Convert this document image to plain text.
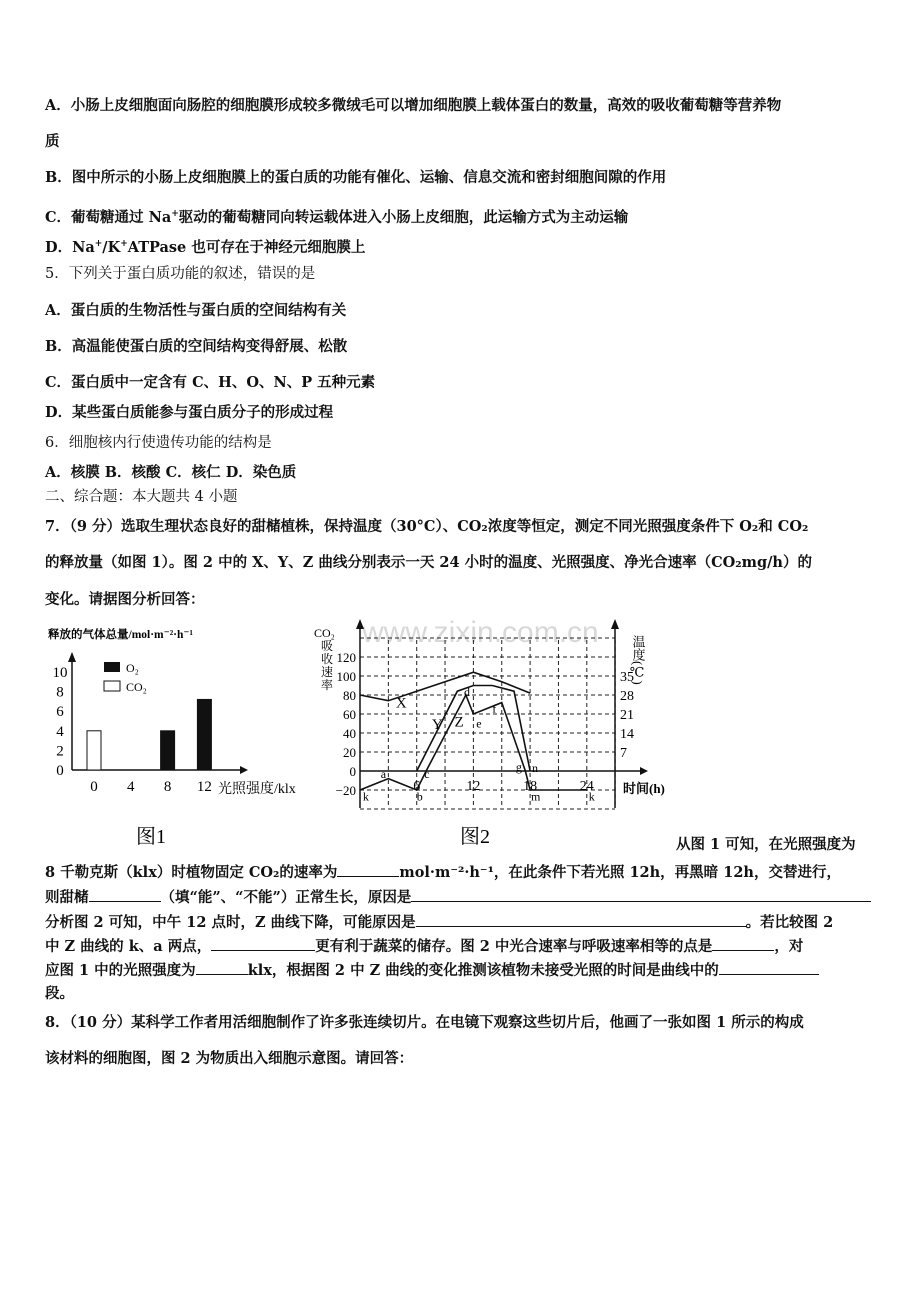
www.zixin.com.cn
A．小肠上皮细胞面向肠腔的细胞膜形成较多微绒毛可以增加细胞膜上载体蛋白的数量，高效的吸收葡萄糖等营养物
质
B．图中所示的小肠上皮细胞膜上的蛋白质的功能有催化、运输、信息交流和密封细胞间隙的作用
C．葡萄糖通过 Na+驱动的葡萄糖同向转运载体进入小肠上皮细胞，此运输方式为主动运输
D．Na+/K+ATPase 也可存在于神经元细胞膜上
5．下列关于蛋白质功能的叙述，错误的是
A．蛋白质的生物活性与蛋白质的空间结构有关
B．高温能使蛋白质的空间结构变得舒展、松散
C．蛋白质中一定含有 C、H、O、N、P 五种元素
D．某些蛋白质能参与蛋白质分子的形成过程
6．细胞核内行使遗传功能的结构是
A．核膜 B．核酸 C．核仁 D．染色质
二、综合题：本大题共 4 小题
7．（9 分）选取生理状态良好的甜槠植株，保持温度（30°C）、CO₂浓度等恒定，测定不同光照强度条件下 O₂和 CO₂
的释放量（如图 1）。图 2 中的 X、Y、Z 曲线分别表示一天 24 小时的温度、光照强度、净光合速率（CO₂mg/h）的
变化。请据图分析回答：
释放的气体总量/mol·m⁻²·h⁻¹
0
2
4
6
8
10
0 4 8 12
O₂
CO₂
光照强度/klx
图1
120
100
80
60
40
20
0
−20
35
28
21
14
7
6	12	18	24
CO₂
吸
收
速
率
温度(℃)
时间(h)
X
Y Z
k
a
b
c
d
e
f
g n
m	k
图2	从图 1 可知，在光照强度为
8 千勒克斯（klx）时植物固定 CO₂的速率为	mol·m⁻²·h⁻¹，在此条件下若光照 12h，再黑暗 12h，交替进行，
则甜槠	（填“能”、“不能”）正常生长，原因是
分析图 2 可知，中午 12 点时，Z 曲线下降，可能原因是	。若比较图 2
中 Z 曲线的 k、a 两点，	更有利于蔬菜的储存。图 2 中光合速率与呼吸速率相等的点是	，对
应图 1 中的光照强度为	klx，根据图 2 中 Z 曲线的变化推测该植物未接受光照的时间是曲线中的
段。
8．（10 分）某科学工作者用活细胞制作了许多张连续切片。在电镜下观察这些切片后，他画了一张如图 1 所示的构成
该材料的细胞图，图 2 为物质出入细胞示意图。请回答：
